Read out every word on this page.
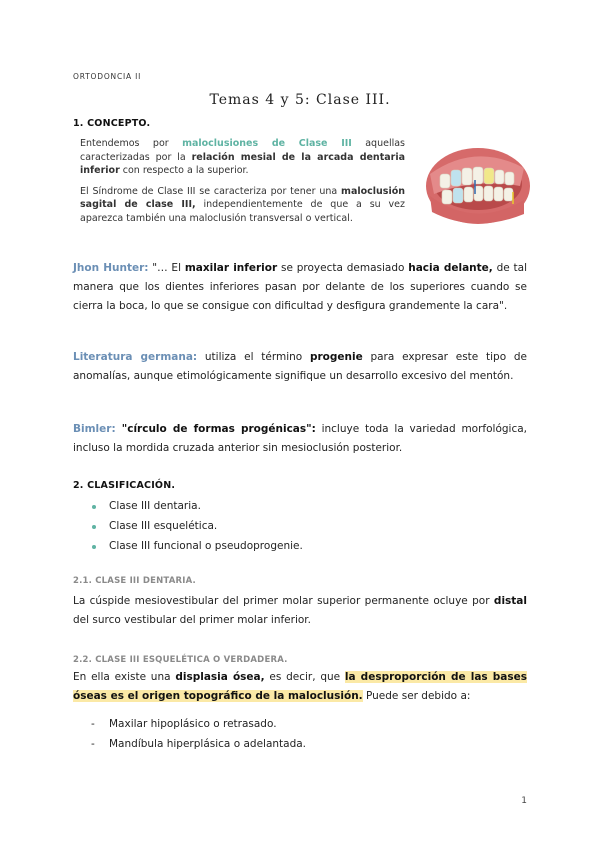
ORTODONCIA II
Temas 4 y 5: Clase III.
1. CONCEPTO.

Entendemos por maloclusiones de Clase III aquellas caracterizadas por la relación mesial de la arcada dentaria inferior con respecto a la superior.

El Síndrome de Clase III se caracteriza por tener una maloclusión sagital de clase III, independientemente de que a su vez aparezca también una maloclusión transversal o vertical.

Jhon Hunter: "… El maxilar inferior se proyecta demasiado hacia delante, de tal manera que los dientes inferiores pasan por delante de los superiores cuando se cierra la boca, lo que se consigue con dificultad y desfigura grandemente la cara".
Literatura germana: utiliza el término progenie para expresar este tipo de anomalías, aunque etimológicamente signifique un desarrollo excesivo del mentón.
Bimler: "círculo de formas progénicas": incluye toda la variedad morfológica, incluso la mordida cruzada anterior sin mesioclusión posterior.
2. CLASIFICACIÓN.
Clase III dentaria.
Clase III esquelética.
Clase III funcional o pseudoprogenie.
2.1. CLASE III DENTARIA.
La cúspide mesiovestibular del primer molar superior permanente ocluye por distal del surco vestibular del primer molar inferior.
2.2. CLASE III ESQUELÉTICA O VERDADERA.
En ella existe una displasia ósea, es decir, que la desproporción de las bases óseas es el origen topográfico de la maloclusión. Puede ser debido a:
- Maxilar hipoplásico o retrasado.
- Mandíbula hiperplásica o adelantada.
1
